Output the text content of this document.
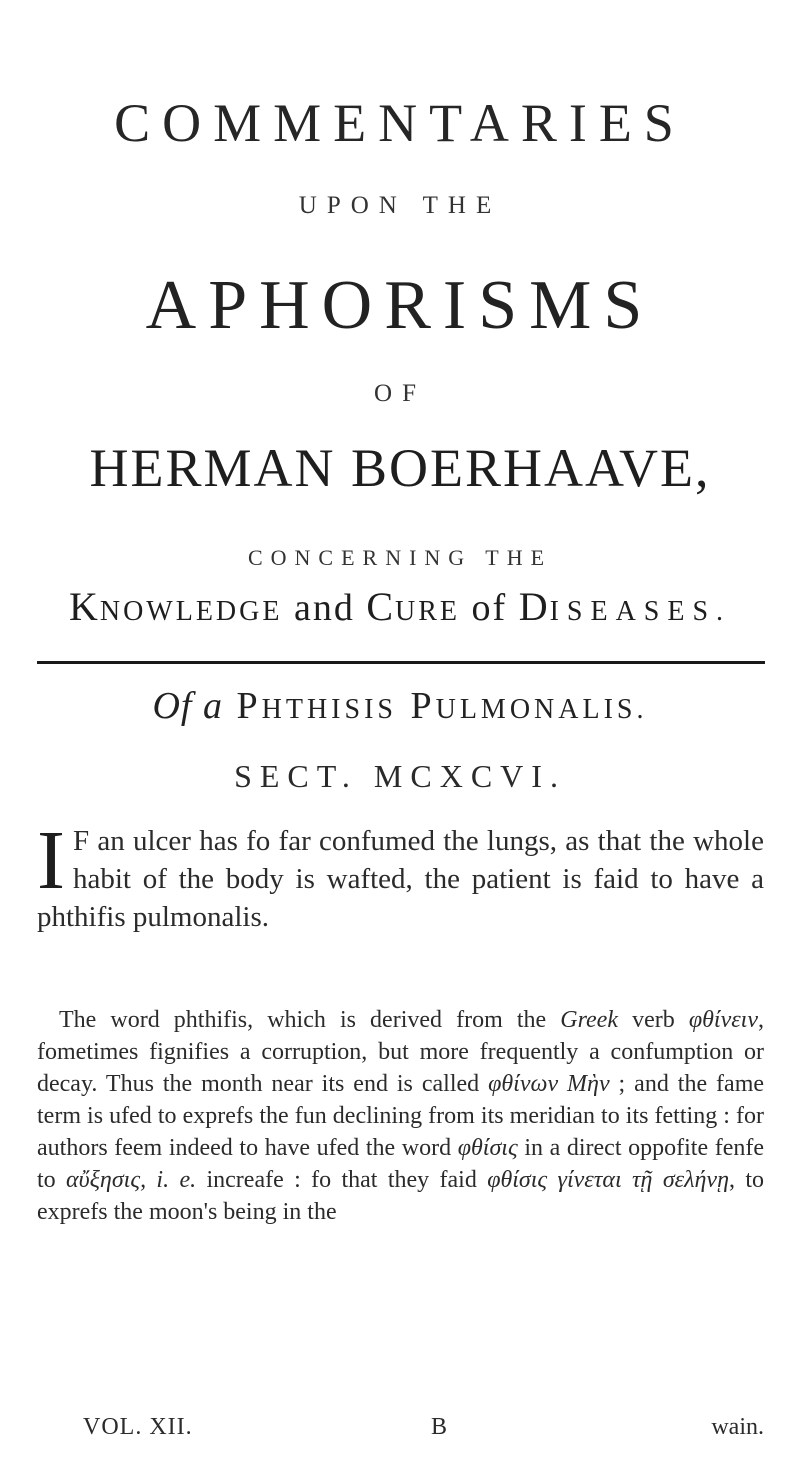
COMMENTARIES
UPON THE
APHORISMS
OF
HERMAN BOERHAAVE,
CONCERNING THE
KNOWLEDGE and CURE of DISEASES.
Of a PHTHISIS PULMONALIS.
SECT. MCXCVI.
I F an ulcer has fo far confumed the lungs, as that the whole habit of the body is wafted, the patient is faid to have a phthifis pulmonalis.
The word phthifis, which is derived from the Greek verb φθίνειν, fometimes fignifies a corruption, but more frequently a confumption or decay. Thus the month near its end is called φθίνων Μὴν ; and the fame term is ufed to exprefs the fun declining from its meridian to its fetting : for authors feem indeed to have ufed the word φθίσις in a direct oppofite fenfe to αὔξησις, i. e. increafe : fo that they faid φθίσις γίνεται τῇ σελήνῃ, to exprefs the moon's being in the
VOL. XII.	B	wain.
